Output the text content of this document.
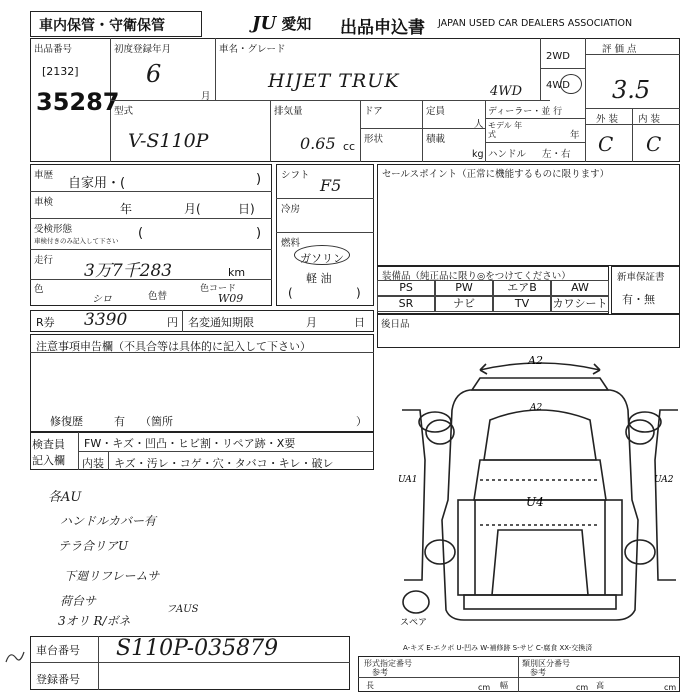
車内保管・守衛保管	JU 愛知 出品申込書 JAPAN USED CAR DEALERS ASSOCIATION
出品番号
[2132]
35287
初度登録年月
6
月
車名・グレード
HIJET TRUK	4WD
2WD
4WD
評 価 点
3.5
外 装 内 装
C C
型式
V-S110P
排気量
0.65 cc
ドア	定員
人
形状	積載
kg
ディーラー・並 行
モデル 年式	年
ハンドル 左・右
車歴
自家用・(	)
車検	年	月(	日)
受検形態
車検付きのみ記入して下さい (	)
走行
3万7千283	km
色
シロ	色替
色コード
W09
シフト
F5
冷房
燃料
ガソリン
軽 油
(	)
セールスポイント（正常に機能するものに限ります）
装備品（純正品に限り◎をつけてください）
PS	PW	エアB	AW
SR	ナビ	TV	カワシート
新車保証書
有・無
R券 3390	円 名変通知期限	月	日 後日品
注意事項申告欄（不具合等は具体的に記入して下さい）
修復歴	有 （箇所	）
検査員
記入欄
FW・キズ・凹凸・ヒビ割・リペア跡・X要
内装 キズ・汚レ・コゲ・穴・タバコ・キレ・破レ
各AU
ハンドルカバー有
テラ合リアU
下廻リフレームサ
荷台サ
3オリ R/ボネ
フAUS
A2
A2
U4
UA1	UA2
スペア
A-キズ E-エクボ U-凹み W-補修跡 S-サビ C-腐食 XX-交換済
車台番号 S110P-035879
登録番号
形式指定番号
参考
類別区分番号
参考
長	cm 幅	cm 高	cm
